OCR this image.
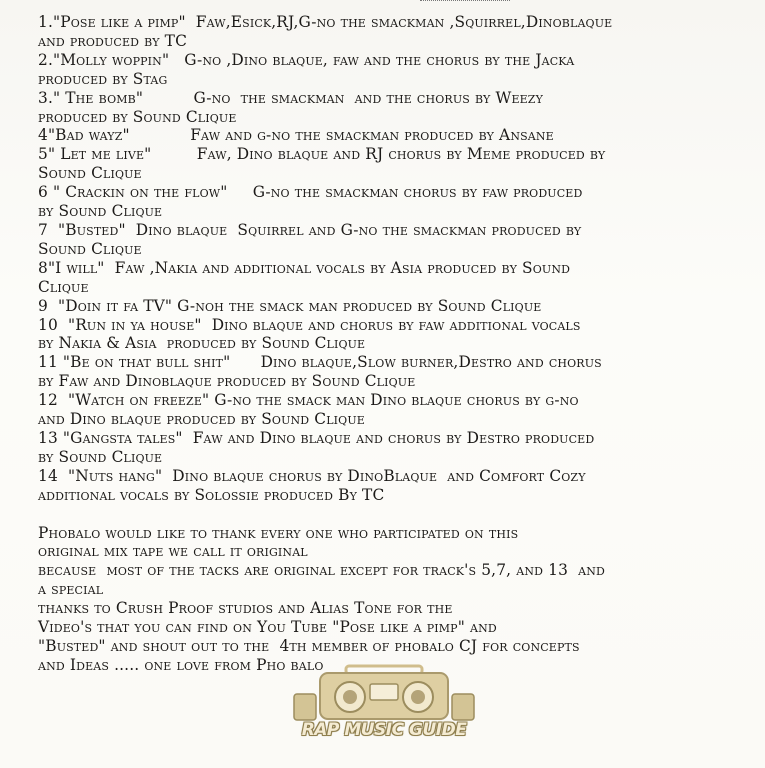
1."Pose like a pimp"  Faw,Esick,RJ,G-no the smackman ,Squirrel,Dinoblaque
and produced by TC
2."Molly woppin"   G-no ,Dino blaque, faw and the chorus by the Jacka
produced by Stag
3." The bomb"          G-no  the smackman  and the chorus by Weezy
produced by Sound Clique
4"Bad wayz"            Faw and g-no the smackman produced by Ansane
5" Let me live"         Faw, Dino blaque and RJ chorus by Meme produced by
Sound Clique
6 " Crackin on the flow"     G-no the smackman chorus by faw produced
by Sound Clique
7  "Busted"  Dino blaque  Squirrel and G-no the smackman produced by
Sound Clique
8"I will"  Faw ,Nakia and additional vocals by Asia produced by Sound
Clique
9  "Doin it fa TV" G-noh the smack man produced by Sound Clique
10  "Run in ya house"  Dino blaque and chorus by faw additional vocals
by Nakia & Asia  produced by Sound Clique
11 "Be on that bull shit"      Dino blaque,Slow burner,Destro and chorus
by Faw and Dinoblaque produced by Sound Clique
12  "Watch on freeze" G-no the smack man Dino blaque chorus by g-no
and Dino blaque produced by Sound Clique
13 "Gangsta tales"  Faw and Dino blaque and chorus by Destro produced
by Sound Clique
14  "Nuts hang"  Dino blaque chorus by DinoBlaque  and Comfort Cozy
additional vocals by Solossie produced By TC
Phobalo would like to thank every one who participated on this
original mix tape we call it original
because  most of the tacks are original except for track's 5,7, and 13  and
a special
thanks to Crush Proof studios and Alias Tone for the
Video's that you can find on You Tube "Pose like a pimp" and
"Busted" and shout out to the  4th member of phobalo CJ for concepts
and Ideas ..... one love from Pho balo
RAP MUSIC GUIDE
